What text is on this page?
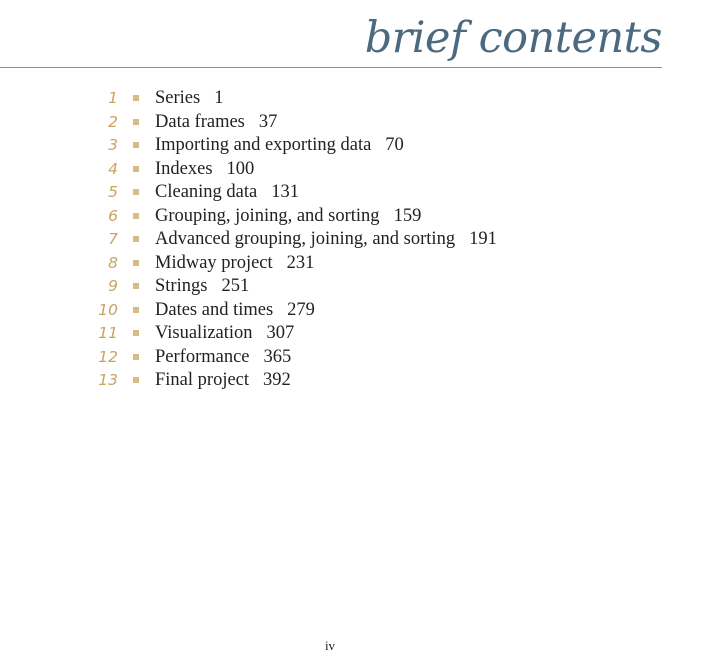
brief contents
1 Series 1
2 Data frames 37
3 Importing and exporting data 70
4 Indexes 100
5 Cleaning data 131
6 Grouping, joining, and sorting 159
7 Advanced grouping, joining, and sorting 191
8 Midway project 231
9 Strings 251
10 Dates and times 279
11 Visualization 307
12 Performance 365
13 Final project 392
iv
